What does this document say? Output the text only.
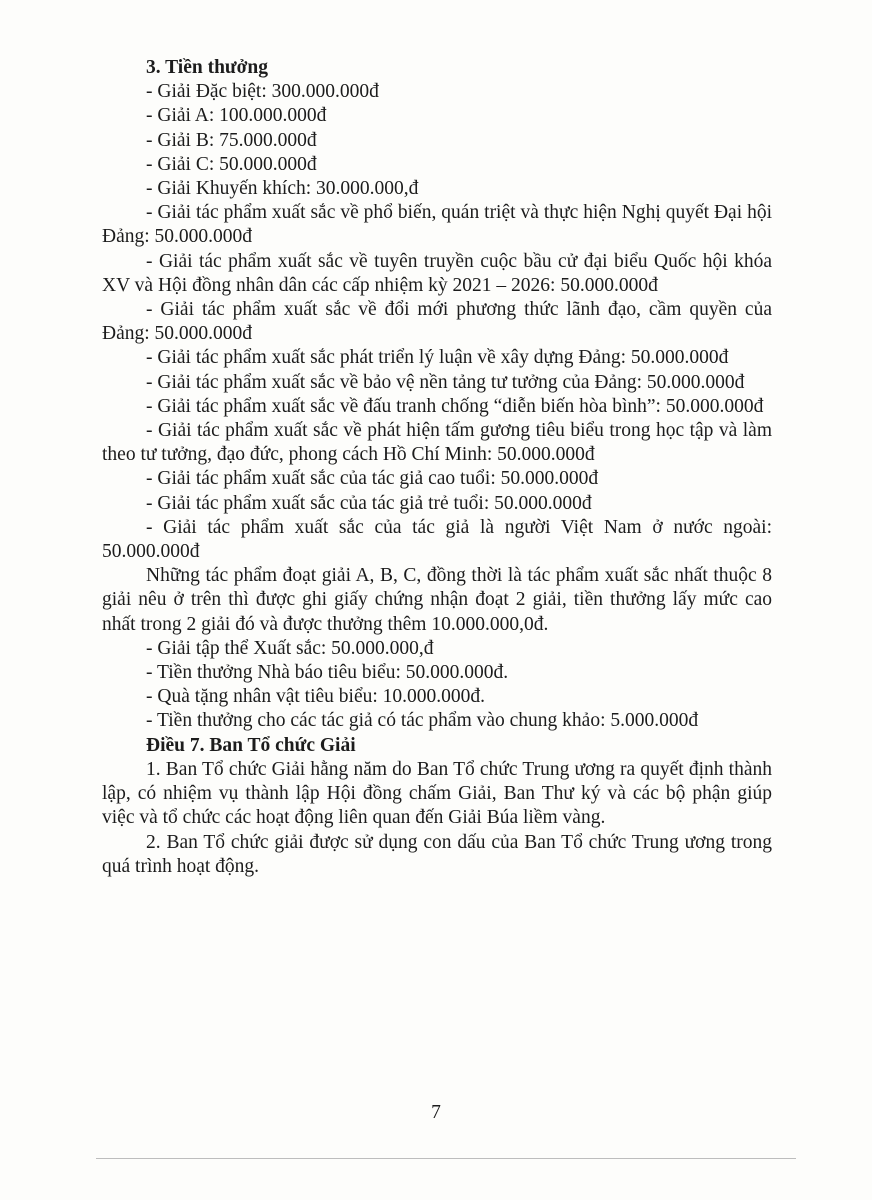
3. Tiền thưởng

- Giải Đặc biệt: 300.000.000đ

- Giải A: 100.000.000đ

- Giải B: 75.000.000đ

- Giải C: 50.000.000đ

- Giải Khuyến khích: 30.000.000,đ

- Giải tác phẩm xuất sắc về phổ biến, quán triệt và thực hiện Nghị quyết Đại hội Đảng: 50.000.000đ

- Giải tác phẩm xuất sắc về tuyên truyền cuộc bầu cử đại biểu Quốc hội khóa XV và Hội đồng nhân dân các cấp nhiệm kỳ 2021 – 2026: 50.000.000đ

- Giải tác phẩm xuất sắc về đổi mới phương thức lãnh đạo, cầm quyền của Đảng: 50.000.000đ

- Giải tác phẩm xuất sắc phát triển lý luận về xây dựng Đảng: 50.000.000đ

- Giải tác phẩm xuất sắc về bảo vệ nền tảng tư tưởng của Đảng: 50.000.000đ

- Giải tác phẩm xuất sắc về đấu tranh chống “diễn biến hòa bình”: 50.000.000đ

- Giải tác phẩm xuất sắc về phát hiện tấm gương tiêu biểu trong học tập và làm theo tư tưởng, đạo đức, phong cách Hồ Chí Minh: 50.000.000đ

- Giải tác phẩm xuất sắc của tác giả cao tuổi: 50.000.000đ

- Giải tác phẩm xuất sắc của tác giả trẻ tuổi: 50.000.000đ

- Giải tác phẩm xuất sắc của tác giả là người Việt Nam ở nước ngoài: 50.000.000đ

Những tác phẩm đoạt giải A, B, C, đồng thời là tác phẩm xuất sắc nhất thuộc 8 giải nêu ở trên thì được ghi giấy chứng nhận đoạt 2 giải, tiền thưởng lấy mức cao nhất trong 2 giải đó và được thưởng thêm 10.000.000,0đ.

- Giải tập thể Xuất sắc: 50.000.000,đ

- Tiền thưởng Nhà báo tiêu biểu: 50.000.000đ.

- Quà tặng nhân vật tiêu biểu: 10.000.000đ.

- Tiền thưởng cho các tác giả có tác phẩm vào chung khảo: 5.000.000đ

Điều 7. Ban Tổ chức Giải

1. Ban Tổ chức Giải hằng năm do Ban Tổ chức Trung ương ra quyết định thành lập, có nhiệm vụ thành lập Hội đồng chấm Giải, Ban Thư ký và các bộ phận giúp việc và tổ chức các hoạt động liên quan đến Giải Búa liềm vàng.

2. Ban Tổ chức giải được sử dụng con dấu của Ban Tổ chức Trung ương trong quá trình hoạt động.

7
